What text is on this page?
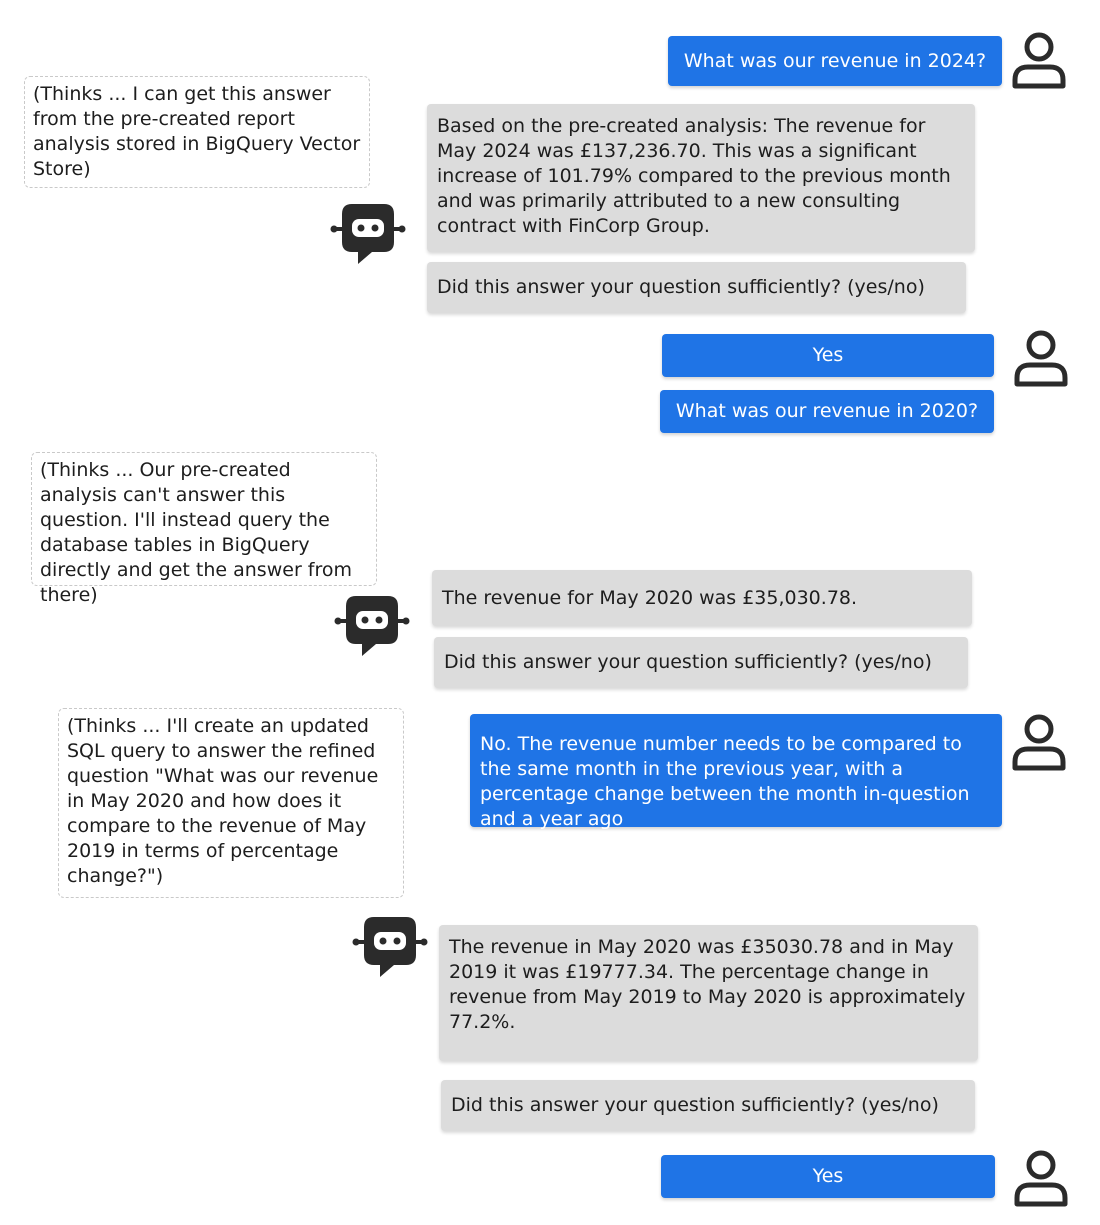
What was our revenue in 2024?
(Thinks ... I can get this answer from the pre-created report analysis stored in BigQuery Vector Store)
Based on the pre-created analysis: The revenue for May 2024 was £137,236.70. This was a significant increase of 101.79% compared to the previous month and was primarily attributed to a new consulting contract with FinCorp Group.
Did this answer your question sufficiently? (yes/no)
Yes
What was our revenue in 2020?
(Thinks ... Our pre-created analysis can't answer this question. I'll instead query the database tables in BigQuery directly and get the answer from there)	The revenue for May 2020 was £35,030.78.
Did this answer your question sufficiently? (yes/no)
(Thinks ... I'll create an updated SQL query to answer the refined question "What was our revenue in May 2020 and how does it compare to the revenue of May 2019 in terms of percentage change?")
No. The revenue number needs to be compared to the same month in the previous year, with a percentage change between the month in-question and a year ago
The revenue in May 2020 was £35030.78 and in May 2019 it was £19777.34. The percentage change in revenue from May 2019 to May 2020 is approximately 77.2%.
Did this answer your question sufficiently? (yes/no)
Yes
